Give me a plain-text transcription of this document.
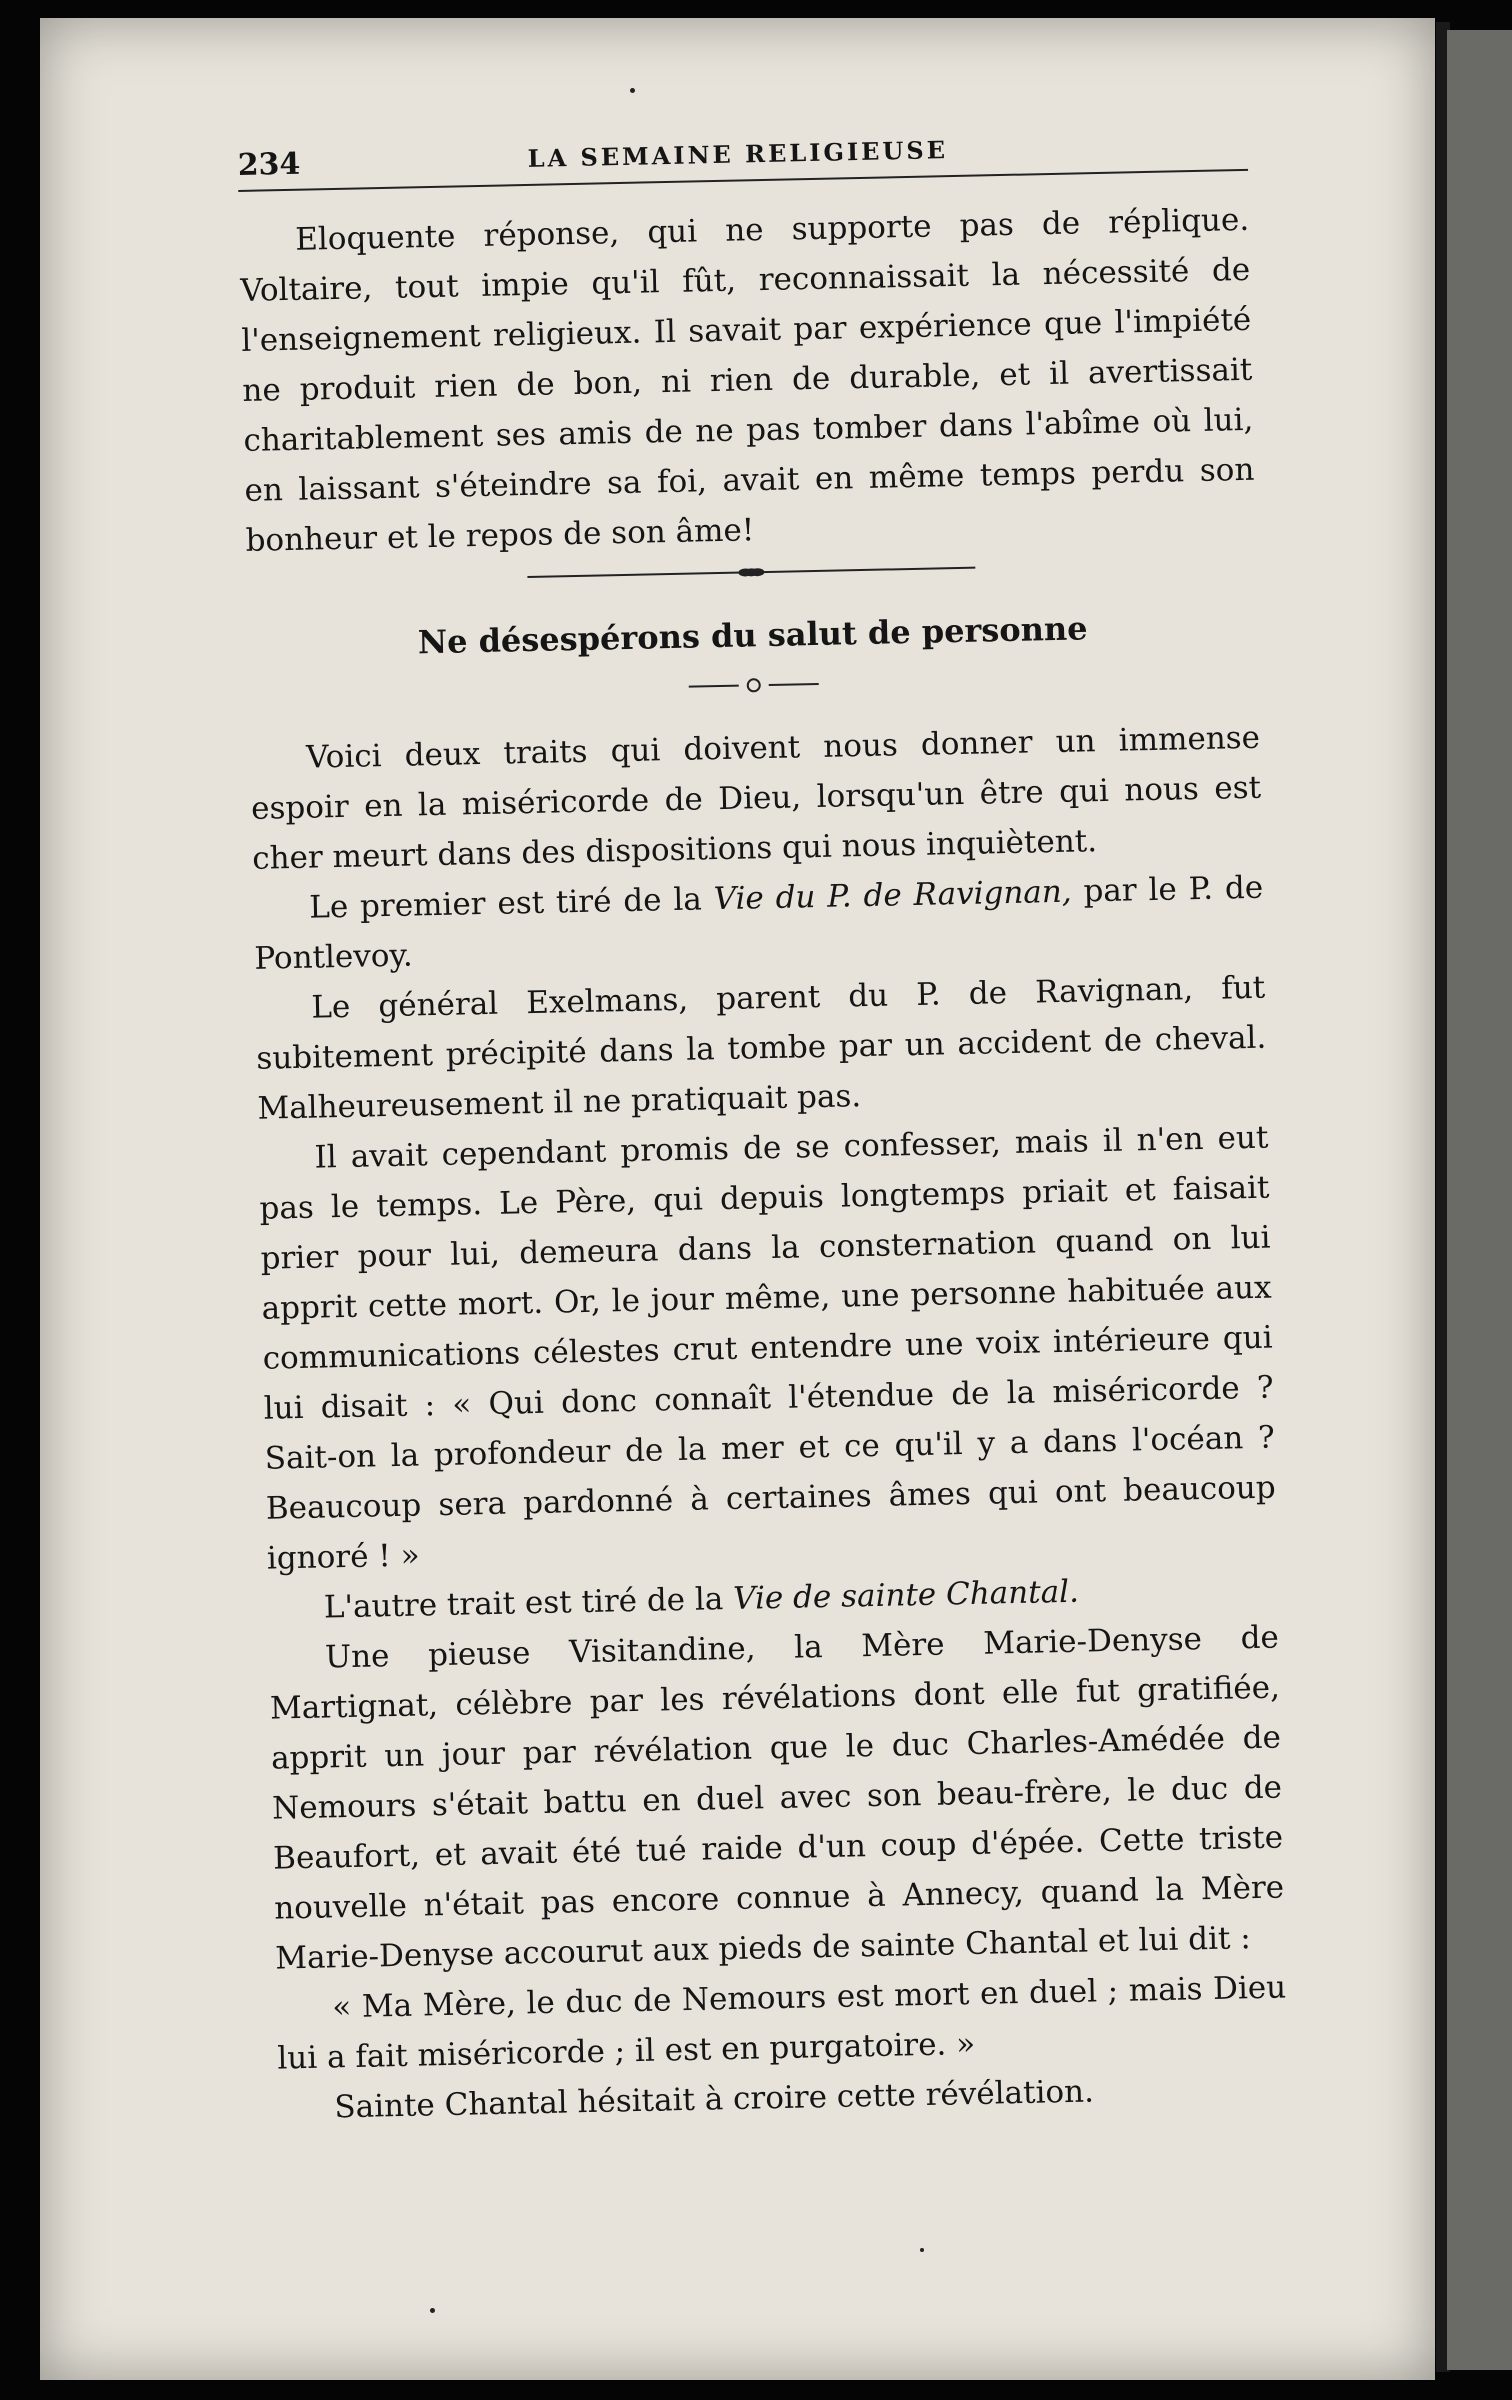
234	LA SEMAINE RELIGIEUSE

Eloquente réponse, qui ne supporte pas de réplique. Voltaire, tout impie qu'il fût, reconnaissait la nécessité de l'enseignement religieux. Il savait par expérience que l'impiété ne produit rien de bon, ni rien de durable, et il avertissait charitablement ses amis de ne pas tomber dans l'abîme où lui, en laissant s'éteindre sa foi, avait en même temps perdu son bonheur et le repos de son âme!

Ne désespérons du salut de personne

Voici deux traits qui doivent nous donner un immense espoir en la miséricorde de Dieu, lorsqu'un être qui nous est cher meurt dans des dispositions qui nous inquiètent.

Le premier est tiré de la Vie du P. de Ravignan, par le P. de Pontlevoy.

Le général Exelmans, parent du P. de Ravignan, fut subitement précipité dans la tombe par un accident de cheval. Malheureusement il ne pratiquait pas.

Il avait cependant promis de se confesser, mais il n'en eut pas le temps. Le Père, qui depuis longtemps priait et faisait prier pour lui, demeura dans la consternation quand on lui apprit cette mort. Or, le jour même, une personne habituée aux communications célestes crut entendre une voix intérieure qui lui disait : « Qui donc connaît l'étendue de la miséricorde ? Sait-on la profondeur de la mer et ce qu'il y a dans l'océan ? Beaucoup sera pardonné à certaines âmes qui ont beaucoup ignoré ! »

L'autre trait est tiré de la Vie de sainte Chantal.

Une pieuse Visitandine, la Mère Marie-Denyse de Martignat, célèbre par les révélations dont elle fut gratifiée, apprit un jour par révélation que le duc Charles-Amédée de Nemours s'était battu en duel avec son beau-frère, le duc de Beaufort, et avait été tué raide d'un coup d'épée. Cette triste nouvelle n'était pas encore connue à Annecy, quand la Mère Marie-Denyse accourut aux pieds de sainte Chantal et lui dit :

« Ma Mère, le duc de Nemours est mort en duel ; mais Dieu lui a fait miséricorde ; il est en purgatoire. »

Sainte Chantal hésitait à croire cette révélation.
